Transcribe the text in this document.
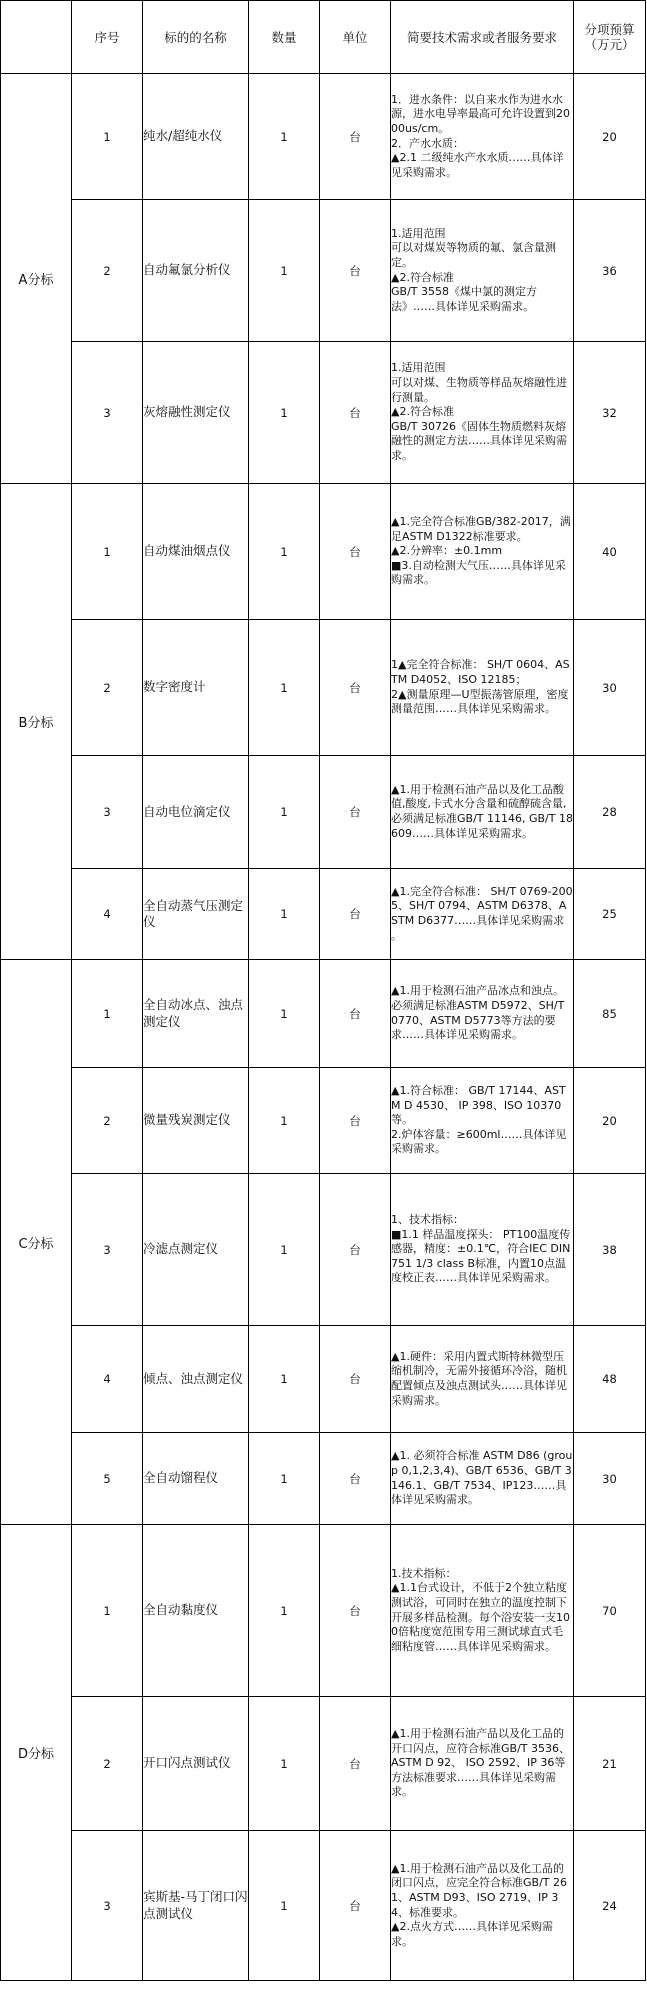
	序号	标的的名称	数量	单位	简要技术需求或者服务要求	分项预算
（万元）
A分标	1	纯水/超纯水仪	1	台	1．进水条件：以自来水作为进水水源，进水电导率最高可允许设置到2000us/cm。
2．产水水质：
▲2.1 二级纯水产水水质……具体详见采购需求。	20
	2	自动氟氯分析仪	1	台	1.适用范围
可以对煤炭等物质的氟、氯含量测定。
▲2.符合标准
GB/T 3558《煤中氯的测定方法》……具体详见采购需求。	36
	3	灰熔融性测定仪	1	台	1.适用范围
可以对煤、生物质等样品灰熔融性进行测量。
▲2.符合标准
GB/T 30726《固体生物质燃料灰熔融性的测定方法……具体详见采购需求。	32
B分标	1	自动煤油烟点仪	1	台	▲1.完全符合标准GB/382-2017，满足ASTM D1322标准要求。
▲2.分辨率：±0.1mm
■3.自动检测大气压……具体详见采购需求。	40
	2	数字密度计	1	台	1▲完全符合标准： SH/T 0604、ASTM D4052、ISO 12185；
2▲测量原理—U型振荡管原理，密度测量范围……具体详见采购需求。	30
	3	自动电位滴定仪	1	台	▲1.用于检测石油产品以及化工品酸值,酸度,卡式水分含量和硫醇硫含量,必须满足标准GB/T 11146, GB/T 18609……具体详见采购需求。	28
	4	全自动蒸气压测定仪	1	台	▲1.完全符合标准： SH/T 0769-2005、SH/T 0794、ASTM D6378、ASTM D6377……具体详见采购需求
。	25
C分标	1	全自动冰点、浊点测定仪	1	台	▲1.用于检测石油产品冰点和浊点。必须满足标准ASTM D5972、SH/T 0770、ASTM D5773等方法的要求……具体详见采购需求。	85
	2	微量残炭测定仪	1	台	▲1.符合标准： GB/T 17144、ASTM D 4530、 IP 398、ISO 10370等。
2.炉体容量：≥600ml……具体详见采购需求。	20
	3	冷滤点测定仪	1	台	1、技术指标：
■1.1 样品温度探头： PT100温度传感器，精度：±0.1℃，符合IEC DIN 751 1/3 class B标准，内置10点温度校正表……具体详见采购需求。	38
	4	倾点、浊点测定仪	1	台	▲1.硬件：采用内置式斯特林微型压缩机制冷，无需外接循环冷浴，随机配置倾点及浊点测试头……具体详见采购需求。	48
	5	全自动馏程仪	1	台	▲1. 必须符合标准 ASTM D86 (group 0,1,2,3,4)、GB/T 6536、GB/T 3146.1、GB/T 7534、IP123……具体详见采购需求。	30
D分标	1	全自动黏度仪	1	台	1.技术指标：
▲1.1台式设计，不低于2个独立粘度测试浴，可同时在独立的温度控制下开展多样品检测。每个浴安装一支100倍粘度宽范围专用三测试球直式毛细粘度管……具体详见采购需求。	70
	2	开口闪点测试仪	1	台	▲1.用于检测石油产品以及化工品的开口闪点，应符合标准GB/T 3536、ASTM D 92、 ISO 2592、IP 36等方法标准要求……具体详见采购需求。	21
	3	宾斯基-马丁闭口闪点测试仪	1	台	▲1.用于检测石油产品以及化工品的闭口闪点，应完全符合标准GB/T 261、ASTM D93、ISO 2719、IP 34、标准要求。
▲2.点火方式……具体详见采购需求。	24
